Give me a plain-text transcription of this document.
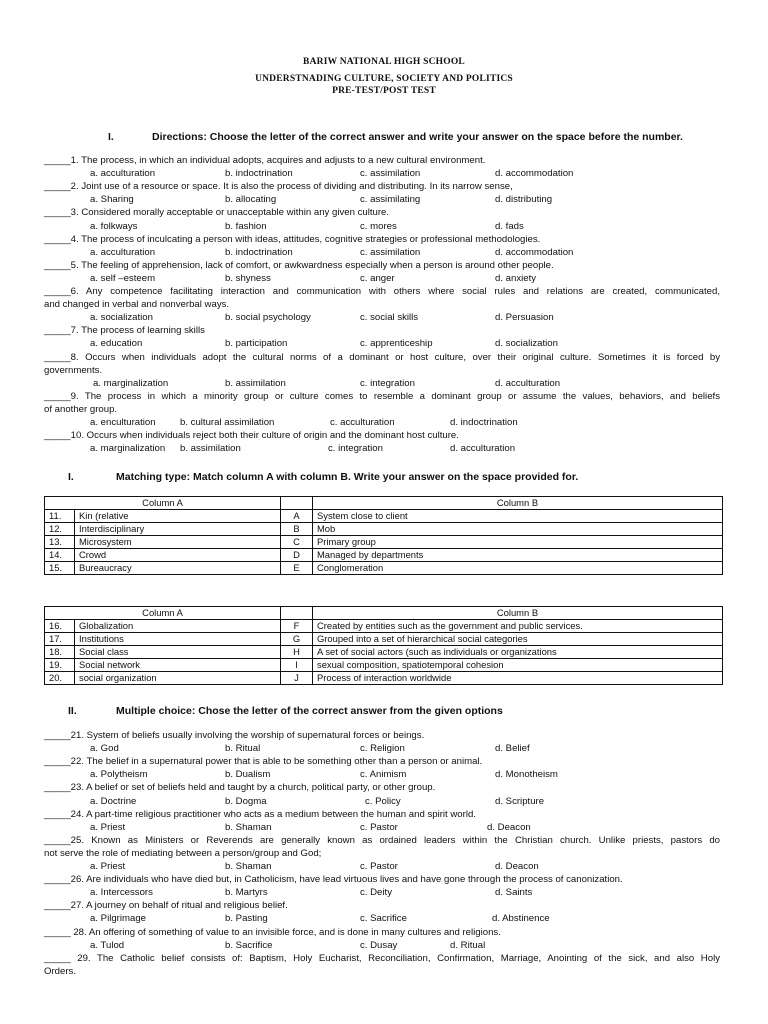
BARIW NATIONAL HIGH SCHOOL
UNDERSTNADING CULTURE, SOCIETY AND POLITICS
PRE-TEST/POST TEST
I.	Directions: Choose the letter of the correct answer and write your answer on the space before the number.
_____1. The process, in which an individual adopts, acquires and adjusts to a new cultural environment.
a. acculturation	b. indoctrination	c. assimilation	d. accommodation
_____2. Joint use of a resource or space. It is also the process of dividing and distributing. In its narrow sense,
a. Sharing	b. allocating	c. assimilating	d. distributing
_____3. Considered morally acceptable or unacceptable within any given culture.
a. folkways	b. fashion	c. mores	d. fads
_____4. The process of inculcating a person with ideas, attitudes, cognitive strategies or professional methodologies.
a. acculturation	b. indoctrination	c. assimilation	d. accommodation
_____5. The feeling of apprehension, lack of comfort, or awkwardness especially when a person is around other people.
a. self –esteem	b. shyness	c. anger	d. anxiety
_____6. Any competence facilitating interaction and communication with others where social rules and relations are created, communicated,
and changed in verbal and nonverbal ways.
a. socialization	b. social psychology	c. social skills	d. Persuasion
_____7. The process of learning skills
a. education	b. participation	c. apprenticeship	d. socialization
_____8. Occurs when individuals adopt the cultural norms of a dominant or host culture, over their original culture. Sometimes it is forced by
governments.
a. marginalization	b. assimilation	c. integration	d. acculturation
_____9. The process in which a minority group or culture comes to resemble a dominant group or assume the values, behaviors, and beliefs
of another group.
a. enculturation	b. cultural assimilation	c. acculturation	d. indoctrination
_____10. Occurs when individuals reject both their culture of origin and the dominant host culture.
a. marginalization b. assimilation	c. integration	d. acculturation
I.	Matching type: Match column A with column B. Write your answer on the space provided for.
Column A			Column B
11.	Kin (relative	A	System close to client
12.	Interdisciplinary	B	Mob
13.	Microsystem	C	Primary group
14.	Crowd	D	Managed by departments
15.	Bureaucracy	E	Conglomeration
Column A			Column B
16.	Globalization	F	Created by entities such as the government and public services.
17.	Institutions	G	Grouped into a set of hierarchical social categories
18.	Social class	H	A set of social actors (such as individuals or organizations
19.	Social network	I	sexual composition, spatiotemporal cohesion
20.	social organization	J	Process of interaction worldwide
II.	Multiple choice: Chose the letter of the correct answer from the given options
_____21. System of beliefs usually involving the worship of supernatural forces or beings.
a. God	b. Ritual	c. Religion	d. Belief
_____22. The belief in a supernatural power that is able to be something other than a person or animal.
a. Polytheism	b. Dualism	c. Animism	d. Monotheism
_____23. A belief or set of beliefs held and taught by a church, political party, or other group.
a. Doctrine	b. Dogma	c. Policy	d. Scripture
_____24. A part-time religious practitioner who acts as a medium between the human and spirit world.
a. Priest	b. Shaman	c. Pastor	d. Deacon
_____25. Known as Ministers or Reverends are generally known as ordained leaders within the Christian church. Unlike priests, pastors do
not serve the role of mediating between a person/group and God;
a. Priest	b. Shaman	c. Pastor	d. Deacon
_____26. Are individuals who have died but, in Catholicism, have lead virtuous lives and have gone through the process of canonization.
a. Intercessors	b. Martyrs	c. Deity	d. Saints
_____27. A journey on behalf of ritual and religious belief.
a. Pilgrimage	b. Pasting	c. Sacrifice	d. Abstinence
_____ 28. An offering of something of value to an invisible force, and is done in many cultures and religions.
a. Tulod	b. Sacrifice	c. Dusay	d. Ritual
_____ 29. The Catholic belief consists of: Baptism, Holy Eucharist, Reconciliation, Confirmation, Marriage, Anointing of the sick, and also Holy
Orders.
